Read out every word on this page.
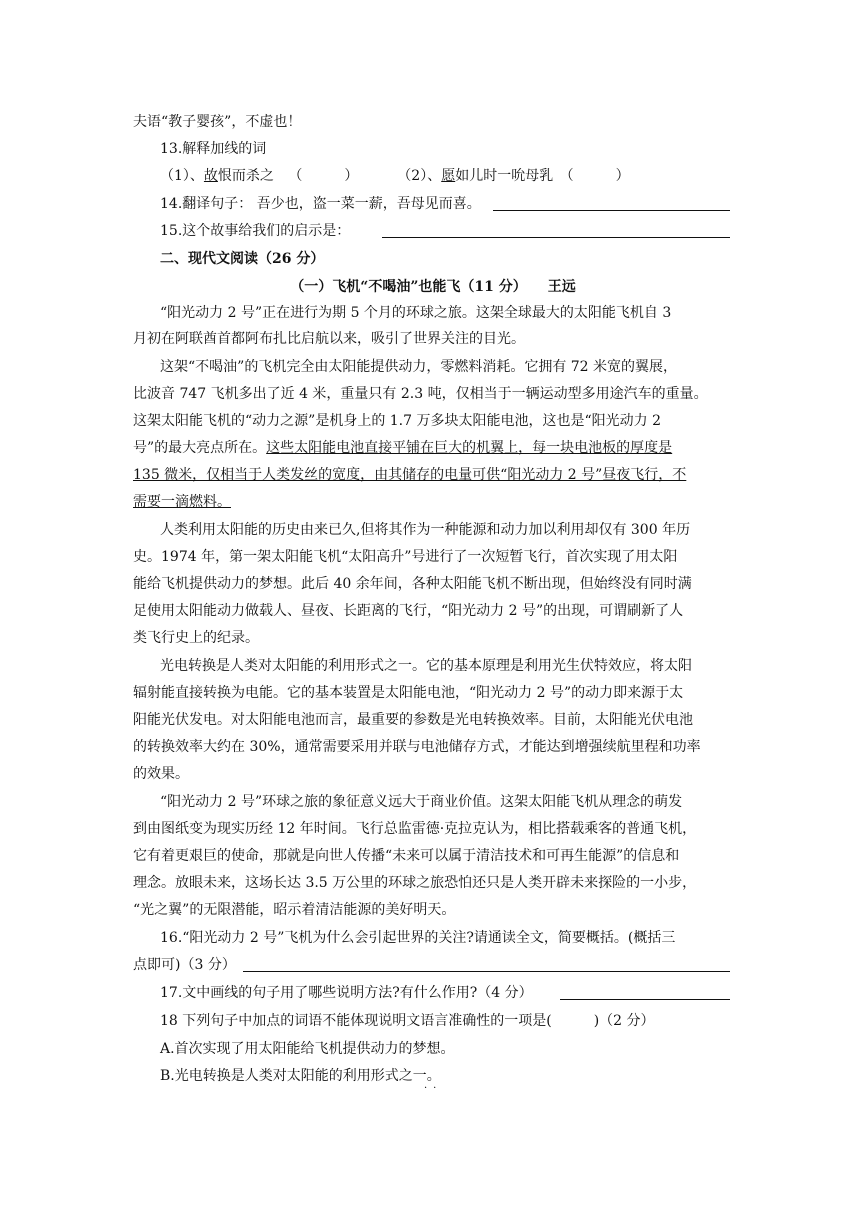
夫语“教子婴孩”，不虚也！
13.解释加线的词
（1）、故恨而杀之 （　　　）	（2）、愿如儿时一吮母乳 （　　　）
14.翻译句子： 吾少也，盗一菜一薪，吾母见而喜。
15.这个故事给我们的启示是：
二、现代文阅读（26 分）
（一）飞机“不喝油”也能飞（11 分）　　王远
“阳光动力 2 号”正在进行为期 5 个月的环球之旅。这架全球最大的太阳能飞机自 3
月初在阿联酋首都阿布扎比启航以来，吸引了世界关注的目光。
这架“不喝油”的飞机完全由太阳能提供动力，零燃料消耗。它拥有 72 米宽的翼展，
比波音 747 飞机多出了近 4 米，重量只有 2.3 吨，仅相当于一辆运动型多用途汽车的重量。
这架太阳能飞机的“动力之源”是机身上的 1.7 万多块太阳能电池，这也是“阳光动力 2
号”的最大亮点所在。这些太阳能电池直接平铺在巨大的机翼上，每一块电池板的厚度是
135 微米，仅相当于人类发丝的宽度，由其储存的电量可供“阳光动力 2 号”昼夜飞行，不
需要一滴燃料。
人类利用太阳能的历史由来已久,但将其作为一种能源和动力加以利用却仅有 300 年历
史。1974 年，第一架太阳能飞机“太阳高升”号进行了一次短暂飞行，首次实现了用太阳
能给飞机提供动力的梦想。此后 40 余年间，各种太阳能飞机不断出现，但始终没有同时满
足使用太阳能动力做载人、昼夜、长距离的飞行，“阳光动力 2 号”的出现，可谓刷新了人
类飞行史上的纪录。
光电转换是人类对太阳能的利用形式之一。它的基本原理是利用光生伏特效应，将太阳
辐射能直接转换为电能。它的基本装置是太阳能电池，“阳光动力 2 号”的动力即来源于太
阳能光伏发电。对太阳能电池而言，最重要的参数是光电转换效率。目前，太阳能光伏电池
的转换效率大约在 30%，通常需要采用并联与电池储存方式，才能达到增强续航里程和功率
的效果。
“阳光动力 2 号”环球之旅的象征意义远大于商业价值。这架太阳能飞机从理念的萌发
到由图纸变为现实历经 12 年时间。飞行总监雷德·克拉克认为，相比搭载乘客的普通飞机，
它有着更艰巨的使命，那就是向世人传播“未来可以属于清洁技术和可再生能源”的信息和
理念。放眼未来，这场长达 3.5 万公里的环球之旅恐怕还只是人类开辟未来探险的一小步，
“光之翼”的无限潜能，昭示着清洁能源的美好明天。
16.“阳光动力 2 号”飞机为什么会引起世界的关注?请通读全文，简要概括。(概括三
点即可)（3 分）
17.文中画线的句子用了哪些说明方法?有什么作用?（4 分）
18 下列句子中加点的词语不能体现说明文语言准确性的一项是(　　　)（2 分）
A.首次实现了用太阳能给飞机提供动力的梦想。
B.光电转换是人类对太阳能的利用形式之一。
··
